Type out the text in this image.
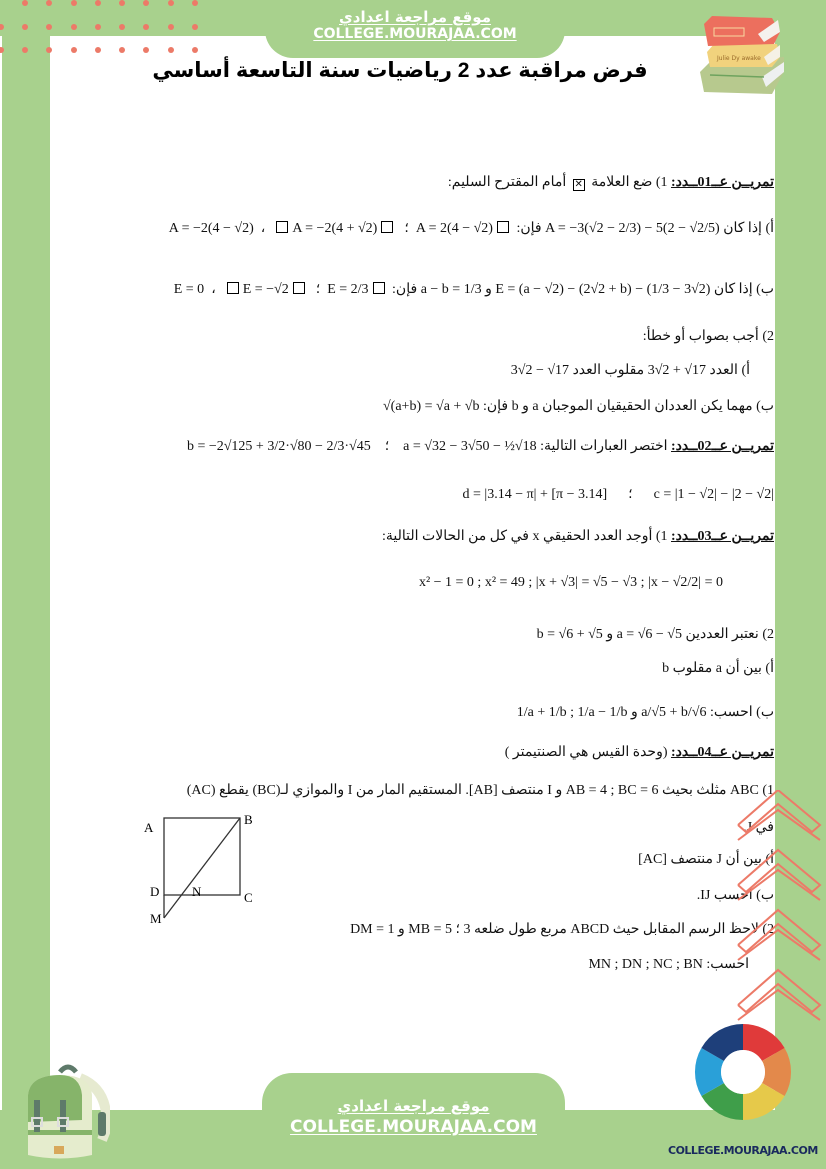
موقع مراجعة اعدادي
COLLEGE.MOURAJAA.COM
Julie Dy awake
فرض مراقبة عدد 2 رياضيات سنة التاسعة أساسي
تمريــن عــ01ــدد: 1) ضع العلامة ✕ أمام المقترح السليم:
أ) إذا كان A = −3(√2 − 2/3) − 5(2 − √2/5) فإن: A = 2(4 − √2)  ؛  A = −2(4 − √2)  ،  A = −2(4 + √2)
ب) إذا كان E = (a − √2) − (2√2 + b) − (1/3 − 3√2) و a − b = 1/3 فإن: E = 2/3  ؛  E = 0  ،  E = −√2
2) أجب بصواب أو خطأ:
أ) العدد 3√2 + √17 مقلوب العدد 3√2 − √17
ب) مهما يكن العددان الحقيقيان الموجبان a و b فإن: √(a+b) = √a + √b
تمريــن عــ02ــدد: اختصر العبارات التالية: a = √32 − 3√50 − ½√18    ؛    b = −2√125 + 3/2·√80 − 2/3·√45
c = |1 − √2| − |2 − √2|      ؛      d = |3.14 − π| + [π − 3.14]
تمريــن عــ03ــدد: 1) أوجد العدد الحقيقي x في كل من الحالات التالية:
x² − 1 = 0 ; x² = 49 ; |x + √3| = √5 − √3 ; |x − √2/2| = 0
2) نعتبر العددين a = √6 − √5 و b = √6 + √5
أ) بين أن a مقلوب b
ب) احسب: 1/a + 1/b ; 1/a − 1/b و a/√5 + b/√6
تمريــن عــ04ــدد: (وحدة القيس هي الصنتيمتر )
1) ABC مثلث بحيث AB = 4 ; BC = 6 و I منتصف [AB]. المستقيم المار من I والموازي لـ(BC) يقطع (AC)
في J.
أ) بين أن J منتصف [AC]
ب) احسب IJ.
2) لاحظ الرسم المقابل حيث ABCD مربع طول ضلعه 3 ؛ MB = 5 و DM = 1
احسب: MN ; DN ; NC ; BN
A
B
C
D	N
M
موقع مراجعة اعدادي
COLLEGE.MOURAJAA.COM
COLLEGE.MOURAJAA.COM
